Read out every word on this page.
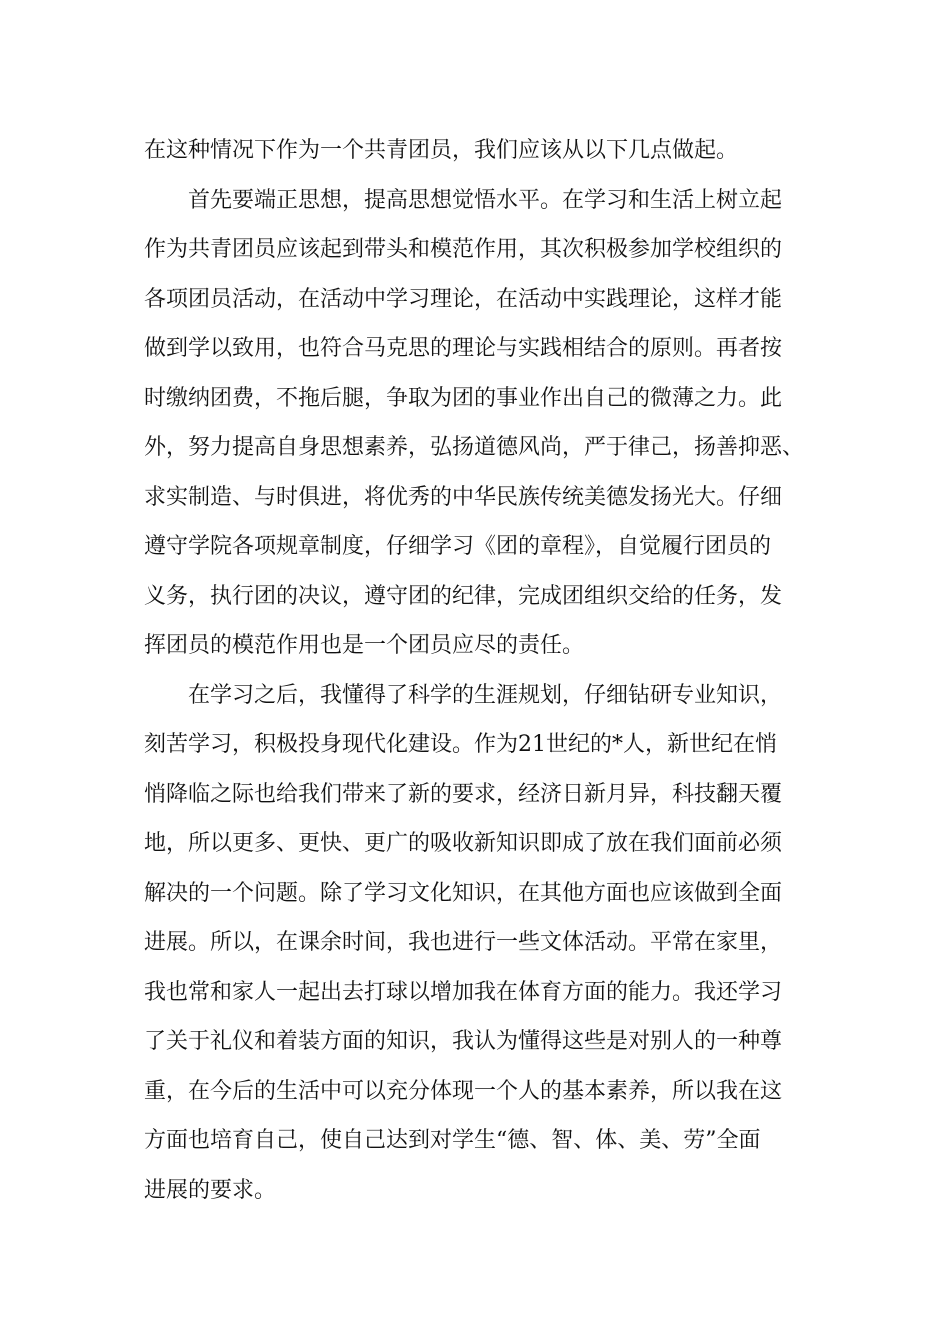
在这种情况下作为一个共青团员，我们应该从以下几点做起。
首先要端正思想，提高思想觉悟水平。在学习和生活上树立起
作为共青团员应该起到带头和模范作用，其次积极参加学校组织的
各项团员活动，在活动中学习理论，在活动中实践理论，这样才能
做到学以致用，也符合马克思的理论与实践相结合的原则。再者按
时缴纳团费，不拖后腿，争取为团的事业作出自己的微薄之力。此
外，努力提高自身思想素养，弘扬道德风尚，严于律己，扬善抑恶、
求实制造、与时俱进，将优秀的中华民族传统美德发扬光大。仔细
遵守学院各项规章制度，仔细学习《团的章程》，自觉履行团员的
义务，执行团的决议，遵守团的纪律，完成团组织交给的任务，发
挥团员的模范作用也是一个团员应尽的责任。
在学习之后，我懂得了科学的生涯规划，仔细钻研专业知识，
刻苦学习，积极投身现代化建设。作为21世纪的*人，新世纪在悄
悄降临之际也给我们带来了新的要求，经济日新月异，科技翻天覆
地，所以更多、更快、更广的吸收新知识即成了放在我们面前必须
解决的一个问题。除了学习文化知识，在其他方面也应该做到全面
进展。所以，在课余时间，我也进行一些文体活动。平常在家里，
我也常和家人一起出去打球以增加我在体育方面的能力。我还学习
了关于礼仪和着装方面的知识，我认为懂得这些是对别人的一种尊
重，在今后的生活中可以充分体现一个人的基本素养，所以我在这
方面也培育自己，使自己达到对学生“德、智、体、美、劳”全面
进展的要求。
